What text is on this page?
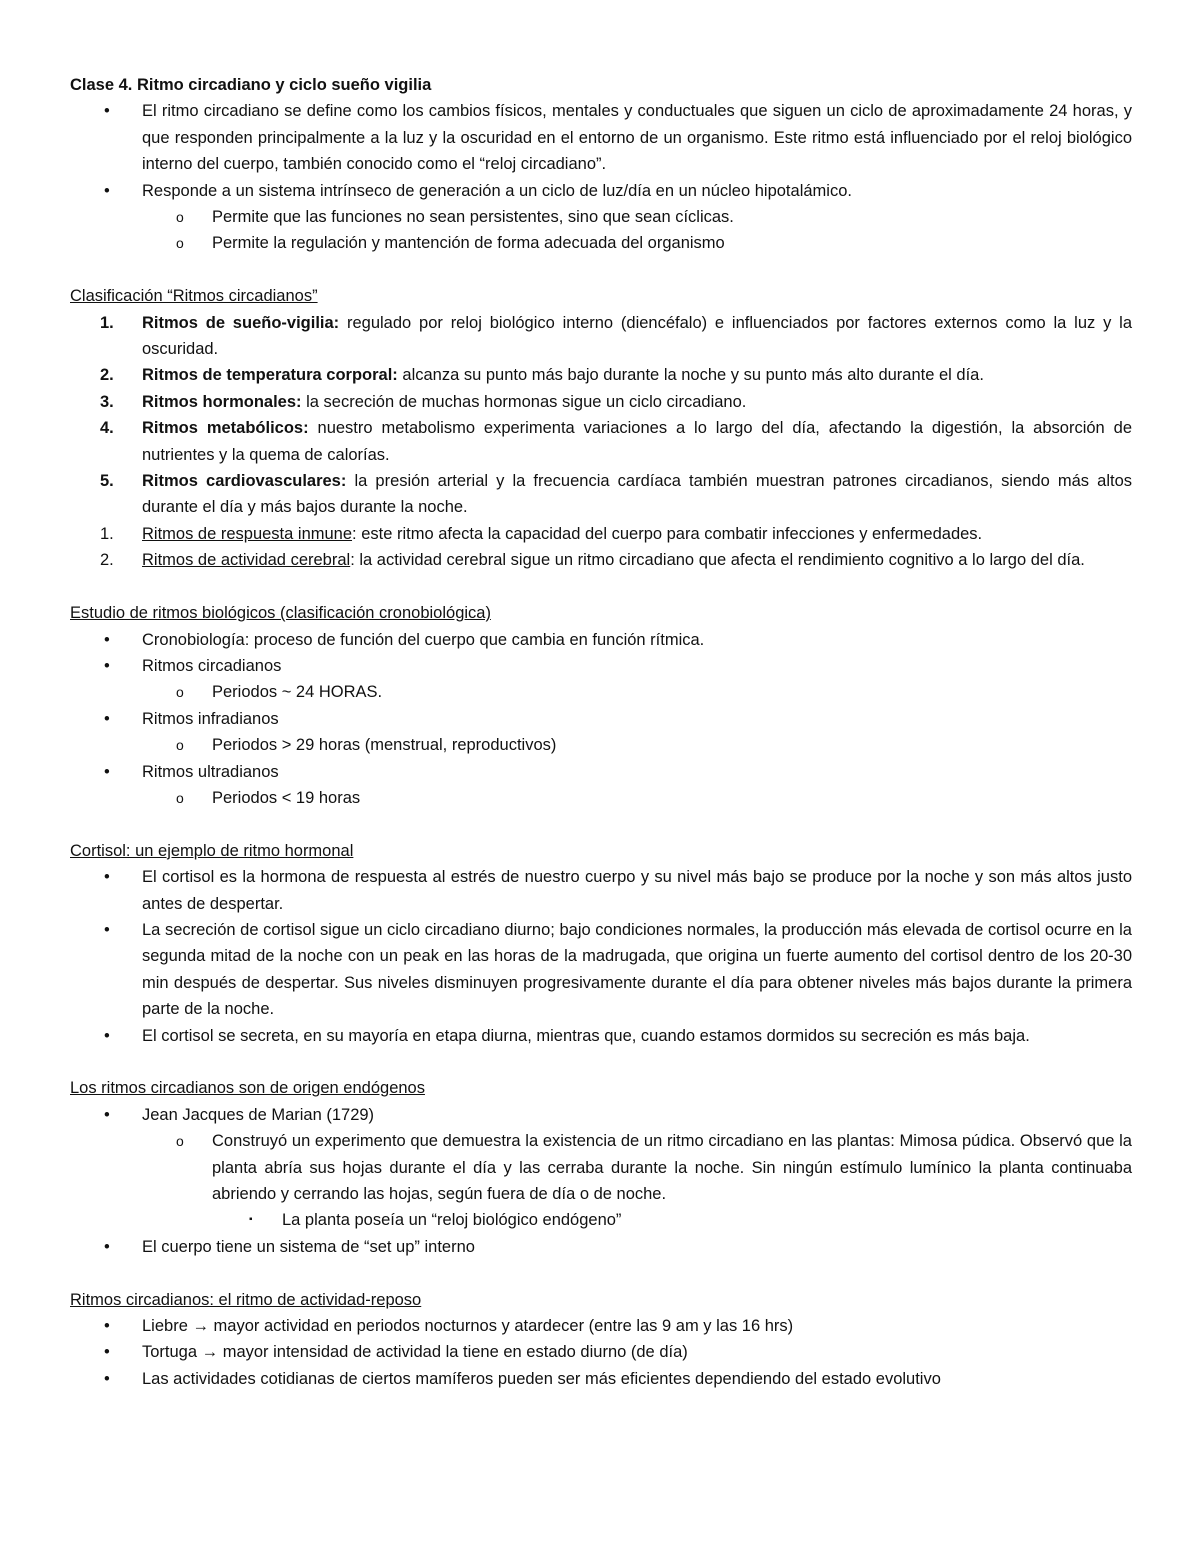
Clase 4. Ritmo circadiano y ciclo sueño vigilia

• El ritmo circadiano se define como los cambios físicos, mentales y conductuales que siguen un ciclo de aproximadamente 24 horas, y que responden principalmente a la luz y la oscuridad en el entorno de un organismo. Este ritmo está influenciado por el reloj biológico interno del cuerpo, también conocido como el “reloj circadiano”.
• Responde a un sistema intrínseco de generación a un ciclo de luz/día en un núcleo hipotalámico.
o Permite que las funciones no sean persistentes, sino que sean cíclicas.
o Permite la regulación y mantención de forma adecuada del organismo

Clasificación “Ritmos circadianos”

1. Ritmos de sueño-vigilia: regulado por reloj biológico interno (diencéfalo) e influenciados por factores externos como la luz y la oscuridad.
2. Ritmos de temperatura corporal: alcanza su punto más bajo durante la noche y su punto más alto durante el día.
3. Ritmos hormonales: la secreción de muchas hormonas sigue un ciclo circadiano.
4. Ritmos metabólicos: nuestro metabolismo experimenta variaciones a lo largo del día, afectando la digestión, la absorción de nutrientes y la quema de calorías.
5. Ritmos cardiovasculares: la presión arterial y la frecuencia cardíaca también muestran patrones circadianos, siendo más altos durante el día y más bajos durante la noche.
1. Ritmos de respuesta inmune: este ritmo afecta la capacidad del cuerpo para combatir infecciones y enfermedades.
2. Ritmos de actividad cerebral: la actividad cerebral sigue un ritmo circadiano que afecta el rendimiento cognitivo a lo largo del día.

Estudio de ritmos biológicos (clasificación cronobiológica)

• Cronobiología: proceso de función del cuerpo que cambia en función rítmica.
• Ritmos circadianos
o Periodos ~ 24 HORAS.
• Ritmos infradianos
o Periodos > 29 horas (menstrual, reproductivos)
• Ritmos ultradianos
o Periodos < 19 horas

Cortisol: un ejemplo de ritmo hormonal

• El cortisol es la hormona de respuesta al estrés de nuestro cuerpo y su nivel más bajo se produce por la noche y son más altos justo antes de despertar.
• La secreción de cortisol sigue un ciclo circadiano diurno; bajo condiciones normales, la producción más elevada de cortisol ocurre en la segunda mitad de la noche con un peak en las horas de la madrugada, que origina un fuerte aumento del cortisol dentro de los 20-30 min después de despertar. Sus niveles disminuyen progresivamente durante el día para obtener niveles más bajos durante la primera parte de la noche.
• El cortisol se secreta, en su mayoría en etapa diurna, mientras que, cuando estamos dormidos su secreción es más baja.

Los ritmos circadianos son de origen endógenos

• Jean Jacques de Marian (1729)
o Construyó un experimento que demuestra la existencia de un ritmo circadiano en las plantas: Mimosa púdica. Observó que la planta abría sus hojas durante el día y las cerraba durante la noche. Sin ningún estímulo lumínico la planta continuaba abriendo y cerrando las hojas, según fuera de día o de noche.
▪ La planta poseía un “reloj biológico endógeno”
• El cuerpo tiene un sistema de “set up” interno

Ritmos circadianos: el ritmo de actividad-reposo

• Liebre → mayor actividad en periodos nocturnos y atardecer (entre las 9 am y las 16 hrs)
• Tortuga → mayor intensidad de actividad la tiene en estado diurno (de día)
• Las actividades cotidianas de ciertos mamíferos pueden ser más eficientes dependiendo del estado evolutivo
